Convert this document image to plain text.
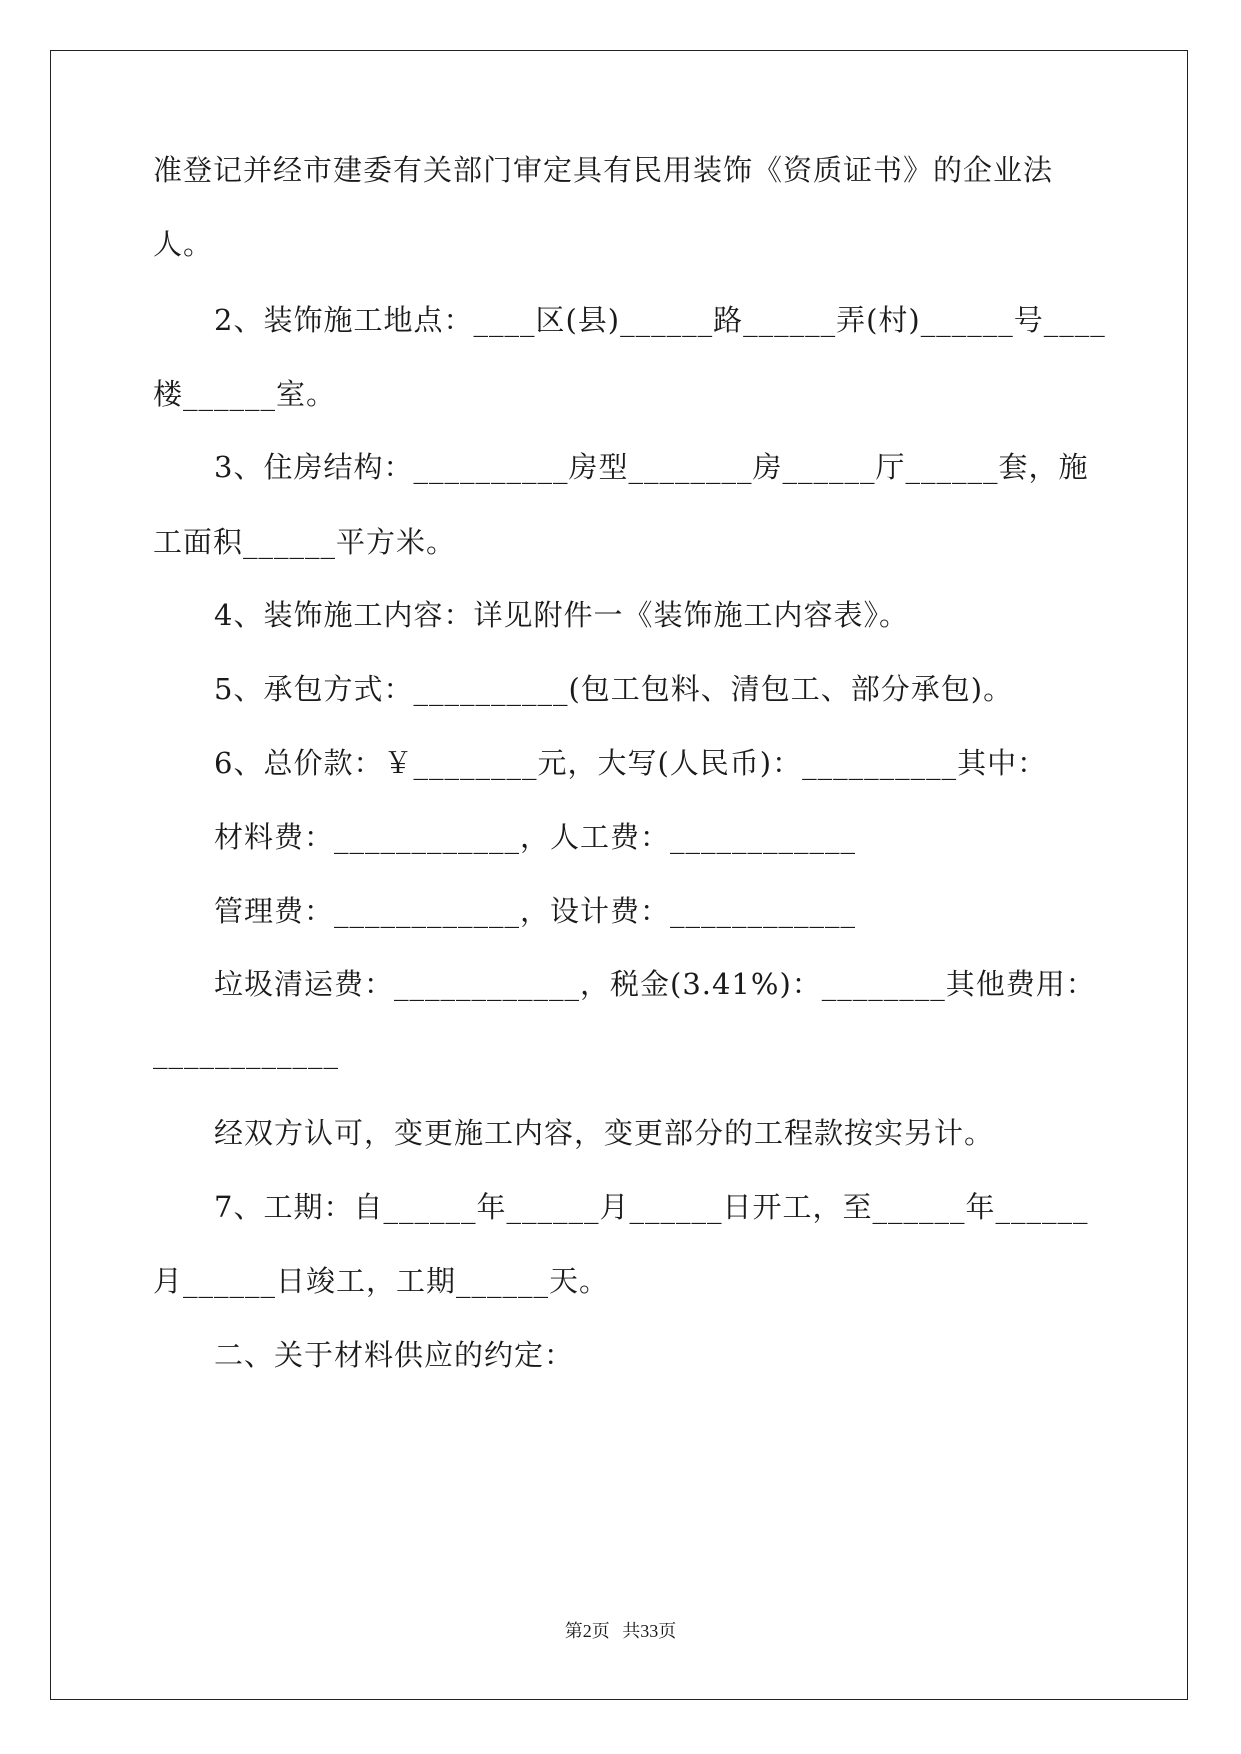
准登记并经市建委有关部门审定具有民用装饰《资质证书》的企业法
人。
2、装饰施工地点：____区(县)______路______弄(村)______号____
楼______室。
3、住房结构：__________房型________房______厅______套，施
工面积______平方米。
4、装饰施工内容：详见附件一《装饰施工内容表》。
5、承包方式：__________(包工包料、清包工、部分承包)。
6、总价款：￥________元，大写(人民币)：__________其中：
材料费：____________，人工费：____________
管理费：____________，设计费：____________
垃圾清运费：____________，税金(3.41%)：________其他费用：
____________
经双方认可，变更施工内容，变更部分的工程款按实另计。
7、工期：自______年______月______日开工，至______年______
月______日竣工，工期______天。
二、关于材料供应的约定：
第2页 共33页
